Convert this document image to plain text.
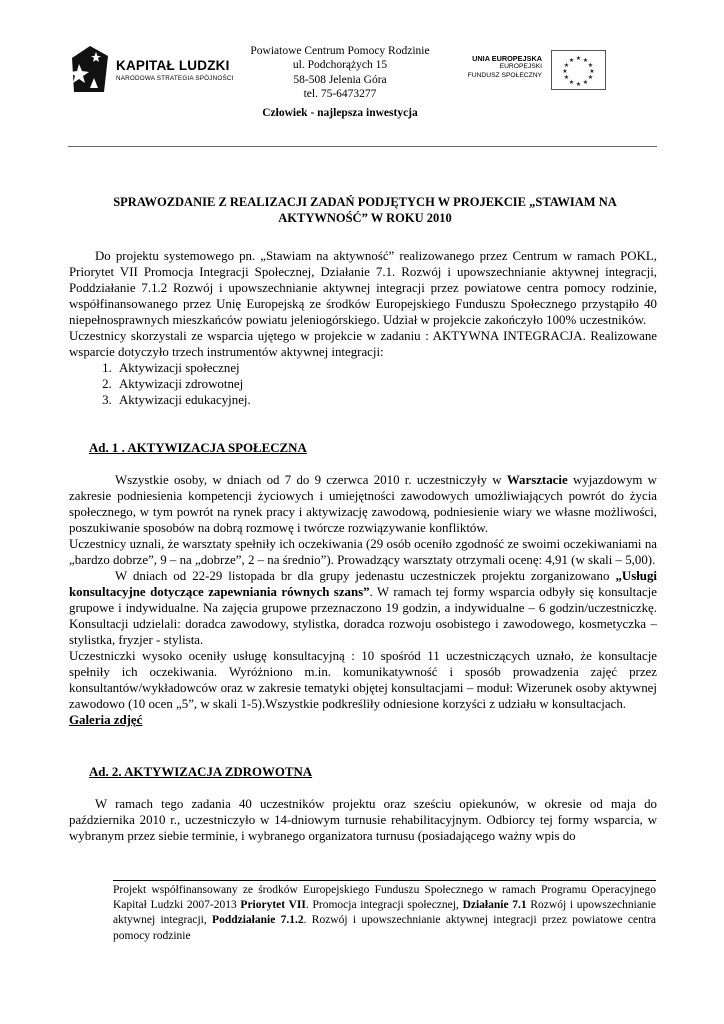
KAPITAŁ LUDZKI
NARODOWA STRATEGIA SPÓJNOŚCI
Powiatowe Centrum Pomocy Rodzinie
ul. Podchorążych 15
58-508 Jelenia Góra
tel. 75-6473277
Człowiek - najlepsza inwestycja
UNIA EUROPEJSKA
EUROPEJSKI
FUNDUSZ SPOŁECZNY
★ ★
★
★
★
★
★
★
★
★
★
★
SPRAWOZDANIE Z REALIZACJI ZADAŃ PODJĘTYCH W PROJEKCIE „STAWIAM NA
AKTYWNOŚĆ” W ROKU 2010

Do projektu systemowego pn. „Stawiam na aktywność” realizowanego przez Centrum w ramach POKL, Priorytet VII Promocja Integracji Społecznej, Działanie 7.1. Rozwój i upowszechnianie aktywnej integracji, Poddziałanie 7.1.2 Rozwój i upowszechnianie aktywnej integracji przez powiatowe centra pomocy rodzinie, współfinansowanego przez Unię Europejską ze środków Europejskiego Funduszu Społecznego przystąpiło 40 niepełnosprawnych mieszkańców powiatu jeleniogórskiego. Udział w projekcie zakończyło 100% uczestników.

Uczestnicy skorzystali ze wsparcia ujętego w projekcie w zadaniu : AKTYWNA INTEGRACJA. Realizowane wsparcie dotyczyło trzech instrumentów aktywnej integracji:

1. Aktywizacji społecznej
2. Aktywizacji zdrowotnej
3. Aktywizacji edukacyjnej.

Ad. 1 . AKTYWIZACJA SPOŁECZNA

Wszystkie osoby, w dniach od 7 do 9 czerwca 2010 r. uczestniczyły w Warsztacie wyjazdowym w zakresie podniesienia kompetencji życiowych i umiejętności zawodowych umożliwiających powrót do życia społecznego, w tym powrót na rynek pracy i aktywizację zawodową, podniesienie wiary we własne możliwości, poszukiwanie sposobów na dobrą rozmowę i twórcze rozwiązywanie konfliktów.

Uczestnicy uznali, że warsztaty spełniły ich oczekiwania (29 osób oceniło zgodność ze swoimi oczekiwaniami na „bardzo dobrze”, 9 – na „dobrze”, 2 – na średnio”). Prowadzący warsztaty otrzymali ocenę: 4,91 (w skali – 5,00).

W dniach od 22-29 listopada br dla grupy jedenastu uczestniczek projektu zorganizowano „Usługi konsultacyjne dotyczące zapewniania równych szans”. W ramach tej formy wsparcia odbyły się konsultacje grupowe i indywidualne. Na zajęcia grupowe przeznaczono 19 godzin, a indywidualne – 6 godzin/uczestniczkę. Konsultacji udzielali: doradca zawodowy, stylistka, doradca rozwoju osobistego i zawodowego, kosmetyczka – stylistka, fryzjer - stylista.

Uczestniczki wysoko oceniły usługę konsultacyjną : 10 spośród 11 uczestniczących uznało, że konsultacje spełniły ich oczekiwania. Wyróżniono m.in. komunikatywność i sposób prowadzenia zajęć przez konsultantów/wykładowców oraz w zakresie tematyki objętej konsultacjami – moduł: Wizerunek osoby aktywnej zawodowo (10 ocen „5”, w skali 1-5).Wszystkie podkreśliły odniesione korzyści z udziału w konsultacjach.

Galeria zdjęć

Ad. 2. AKTYWIZACJA ZDROWOTNA

W ramach tego zadania 40 uczestników projektu oraz sześciu opiekunów, w okresie od maja do października 2010 r., uczestniczyło w 14-dniowym turnusie rehabilitacyjnym. Odbiorcy tej formy wsparcia, w wybranym przez siebie terminie, i wybranego organizatora turnusu (posiadającego ważny wpis do

Projekt współfinansowany ze środków Europejskiego Funduszu Społecznego w ramach Programu Operacyjnego Kapitał Ludzki 2007-2013 Priorytet VII. Promocja integracji społecznej, Działanie 7.1 Rozwój i upowszechnianie aktywnej integracji, Poddziałanie 7.1.2. Rozwój i upowszechnianie aktywnej integracji przez powiatowe centra pomocy rodzinie
